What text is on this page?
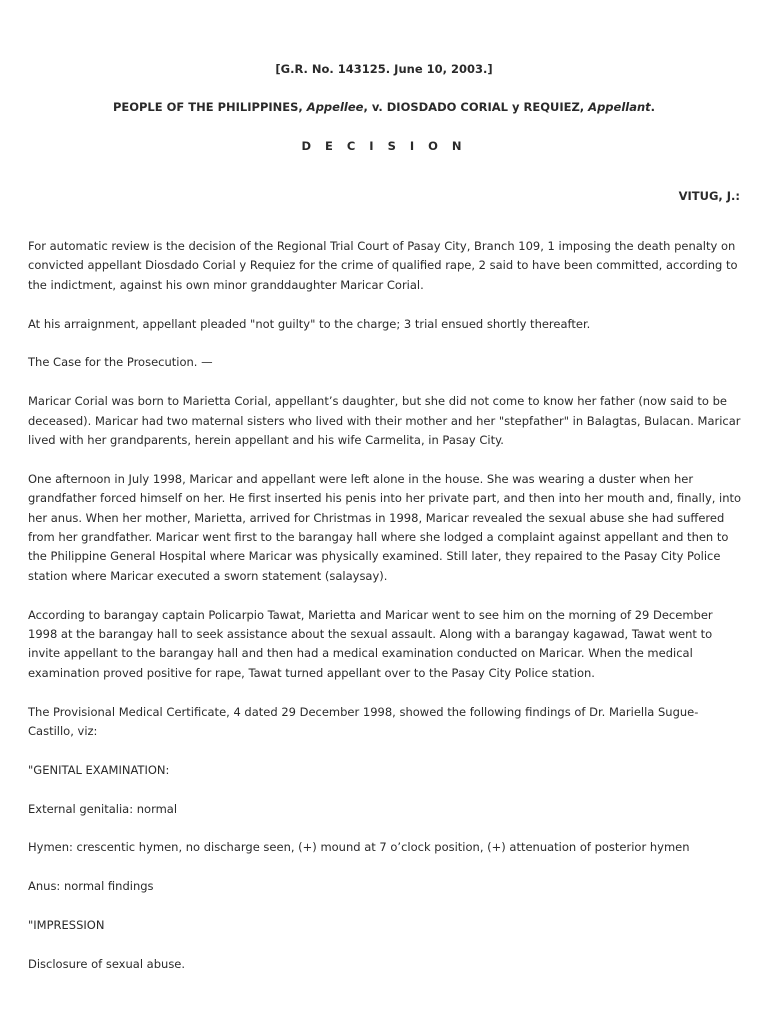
[G.R. No. 143125. June 10, 2003.]
PEOPLE OF THE PHILIPPINES, Appellee, v. DIOSDADO CORIAL y REQUIEZ, Appellant.
D E C I S I O N
VITUG, J.:

For automatic review is the decision of the Regional Trial Court of Pasay City, Branch 109, 1 imposing the death penalty on convicted appellant Diosdado Corial y Requiez for the crime of qualified rape, 2 said to have been committed, according to the indictment, against his own minor granddaughter Maricar Corial.

At his arraignment, appellant pleaded "not guilty" to the charge; 3 trial ensued shortly thereafter.

The Case for the Prosecution. —

Maricar Corial was born to Marietta Corial, appellant’s daughter, but she did not come to know her father (now said to be deceased). Maricar had two maternal sisters who lived with their mother and her "stepfather" in Balagtas, Bulacan. Maricar lived with her grandparents, herein appellant and his wife Carmelita, in Pasay City.

One afternoon in July 1998, Maricar and appellant were left alone in the house. She was wearing a duster when her grandfather forced himself on her. He first inserted his penis into her private part, and then into her mouth and, finally, into her anus. When her mother, Marietta, arrived for Christmas in 1998, Maricar revealed the sexual abuse she had suffered from her grandfather. Maricar went first to the barangay hall where she lodged a complaint against appellant and then to the Philippine General Hospital where Maricar was physically examined. Still later, they repaired to the Pasay City Police station where Maricar executed a sworn statement (salaysay).

According to barangay captain Policarpio Tawat, Marietta and Maricar went to see him on the morning of 29 December 1998 at the barangay hall to seek assistance about the sexual assault. Along with a barangay kagawad, Tawat went to invite appellant to the barangay hall and then had a medical examination conducted on Maricar. When the medical examination proved positive for rape, Tawat turned appellant over to the Pasay City Police station.

The Provisional Medical Certificate, 4 dated 29 December 1998, showed the following findings of Dr. Mariella Sugue-Castillo, viz:

"GENITAL EXAMINATION:

External genitalia: normal

Hymen: crescentic hymen, no discharge seen, (+) mound at 7 o’clock position, (+) attenuation of posterior hymen

Anus: normal findings

"IMPRESSION

Disclosure of sexual abuse.
